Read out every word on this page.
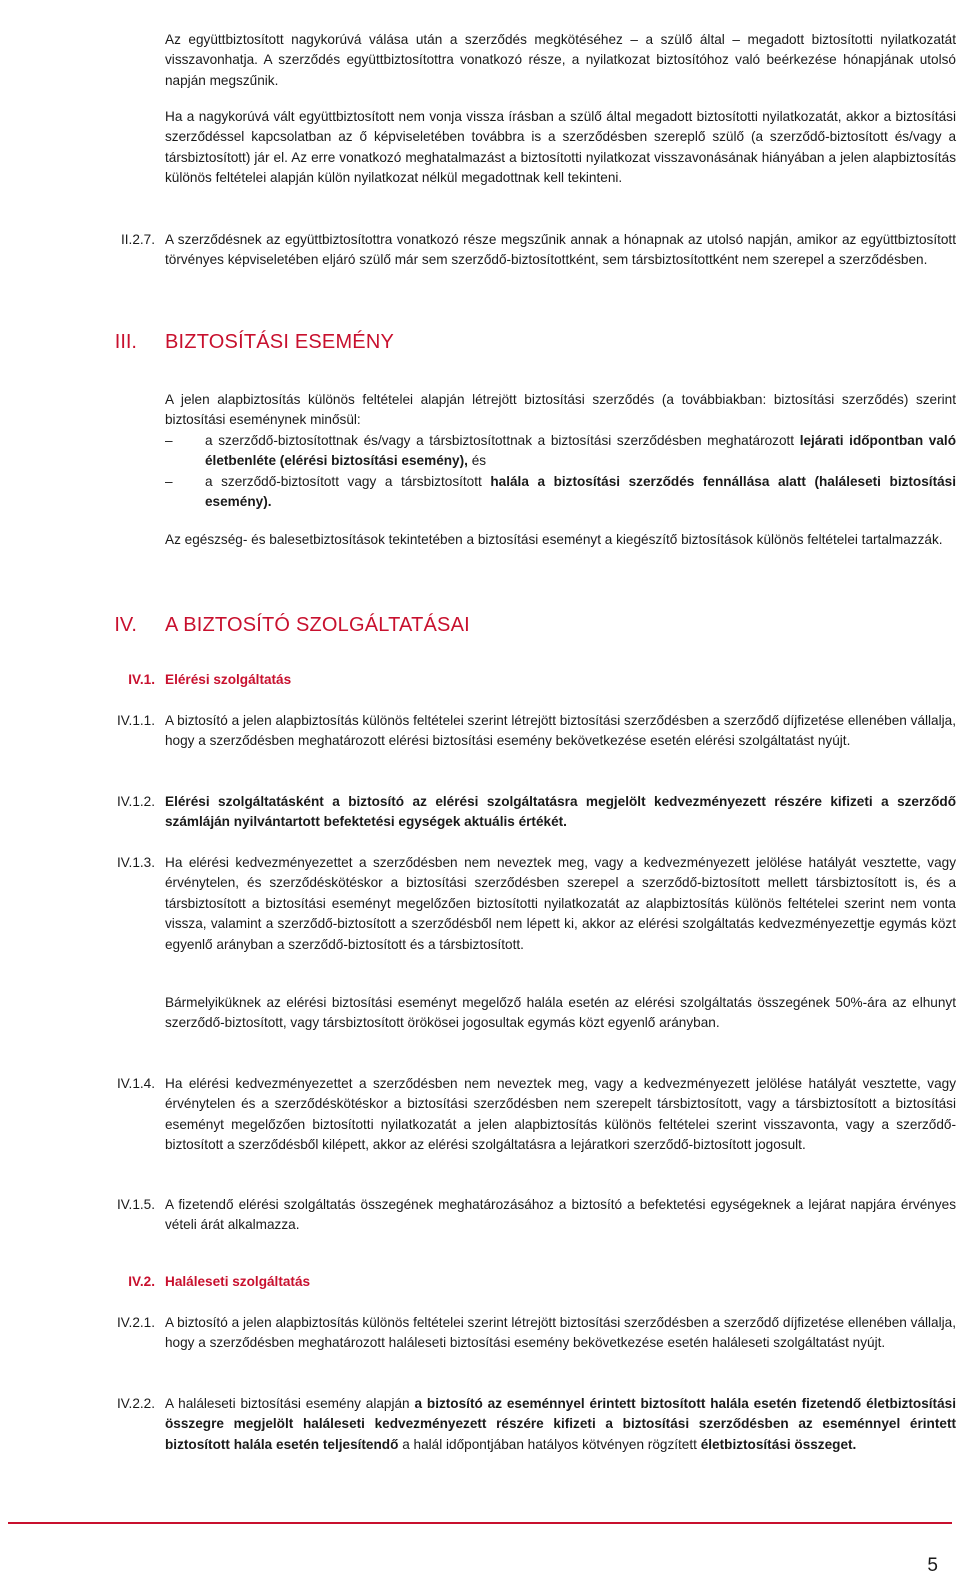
Az együttbiztosított nagykorúvá válása után a szerződés megkötéséhez – a szülő által – megadott biztosítotti nyilatkozatát visszavonhatja. A szerződés együttbiztosítottra vonatkozó része, a nyilatkozat biztosítóhoz való beérkezése hónapjának utolsó napján megszűnik.

Ha a nagykorúvá vált együttbiztosított nem vonja vissza írásban a szülő által megadott biztosítotti nyilatkozatát, akkor a biztosítási szerződéssel kapcsolatban az ő képviseletében továbbra is a szerződésben szereplő szülő (a szerződő-biztosított és/vagy a társbiztosított) jár el. Az erre vonatkozó meghatalmazást a biztosítotti nyilatkozat visszavonásának hiányában a jelen alapbiztosítás különös feltételei alapján külön nyilatkozat nélkül megadottnak kell tekinteni.

II.2.7. A szerződésnek az együttbiztosítottra vonatkozó része megszűnik annak a hónapnak az utolsó napján, amikor az együttbiztosított törvényes képviseletében eljáró szülő már sem szerződő-biztosítottként, sem társbiztosítottként nem szerepel a szerződésben.

III. BIZTOSÍTÁSI ESEMÉNY

A jelen alapbiztosítás különös feltételei alapján létrejött biztosítási szerződés (a továbbiakban: biztosítási szerződés) szerint biztosítási eseménynek minősül:

– a szerződő-biztosítottnak és/vagy a társbiztosítottnak a biztosítási szerződésben meghatározott lejárati időpontban való életbenléte (elérési biztosítási esemény), és
– a szerződő-biztosított vagy a társbiztosított halála a biztosítási szerződés fennállása alatt (haláleseti biztosítási esemény).

Az egészség- és balesetbiztosítások tekintetében a biztosítási eseményt a kiegészítő biztosítások különös feltételei tartalmazzák.

IV. A BIZTOSÍTÓ SZOLGÁLTATÁSAI
IV.1. Elérési szolgáltatás
IV.1.1. A biztosító a jelen alapbiztosítás különös feltételei szerint létrejött biztosítási szerződésben a szerződő díjfizetése ellenében vállalja, hogy a szerződésben meghatározott elérési biztosítási esemény bekövetkezése esetén elérési szolgáltatást nyújt.

IV.1.2. Elérési szolgáltatásként a biztosító az elérési szolgáltatásra megjelölt kedvezményezett részére kifizeti a szerződő számláján nyilvántartott befektetési egységek aktuális értékét.

IV.1.3. Ha elérési kedvezményezettet a szerződésben nem neveztek meg, vagy a kedvezményezett jelölése hatályát vesztette, vagy érvénytelen, és szerződéskötéskor a biztosítási szerződésben szerepel a szerződő-biztosított mellett társbiztosított is, és a társbiztosított a biztosítási eseményt megelőzően biztosítotti nyilatkozatát az alapbiztosítás különös feltételei szerint nem vonta vissza, valamint a szerződő-biztosított a szerződésből nem lépett ki, akkor az elérési szolgáltatás kedvezményezettje egymás közt egyenlő arányban a szerződő-biztosított és a társbiztosított.

Bármelyiküknek az elérési biztosítási eseményt megelőző halála esetén az elérési szolgáltatás összegének 50%-ára az elhunyt szerződő-biztosított, vagy társbiztosított örökösei jogosultak egymás közt egyenlő arányban.

IV.1.4. Ha elérési kedvezményezettet a szerződésben nem neveztek meg, vagy a kedvezményezett jelölése hatályát vesztette, vagy érvénytelen és a szerződéskötéskor a biztosítási szerződésben nem szerepelt társbiztosított, vagy a társbiztosított a biztosítási eseményt megelőzően biztosítotti nyilatkozatát a jelen alapbiztosítás különös feltételei szerint visszavonta, vagy a szerződő-biztosított a szerződésből kilépett, akkor az elérési szolgáltatásra a lejáratkori szerződő-biztosított jogosult.

IV.1.5. A fizetendő elérési szolgáltatás összegének meghatározásához a biztosító a befektetési egységeknek a lejárat napjára érvényes vételi árát alkalmazza.

IV.2. Haláleseti szolgáltatás
IV.2.1. A biztosító a jelen alapbiztosítás különös feltételei szerint létrejött biztosítási szerződésben a szerződő díjfizetése ellenében vállalja, hogy a szerződésben meghatározott haláleseti biztosítási esemény bekövetkezése esetén haláleseti szolgáltatást nyújt.

IV.2.2. A haláleseti biztosítási esemény alapján a biztosító az eseménnyel érintett biztosított halála esetén fizetendő életbiztosítási összegre megjelölt haláleseti kedvezményezett részére kifizeti a biztosítási szerződésben az eseménnyel érintett biztosított halála esetén teljesítendő a halál időpontjában hatályos kötvényen rögzített életbiztosítási összeget.

5
